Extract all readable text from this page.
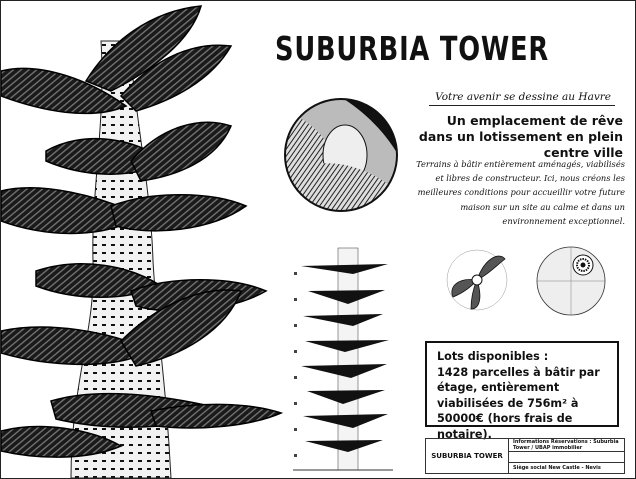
SUBURBIA TOWER
Votre avenir se dessine au Havre

Un emplacement de rêve dans un lotissement en plein centre ville

Terrains à bâtir entièrement aménagés, viabilisés et libres de constructeur. Ici, nous créons les meilleures conditions pour accueillir votre future maison sur un site au calme et dans un environnement exceptionnel.

Lots disponibles :

1428 parcelles à bâtir par étage, entièrement viabilisées de 756m² à 50000€ (hors frais de notaire).

SUBURBIA TOWER
Informations Réservations : Suburbia Tower / UBAP immobilier
Siège social New Castle - Nevis
